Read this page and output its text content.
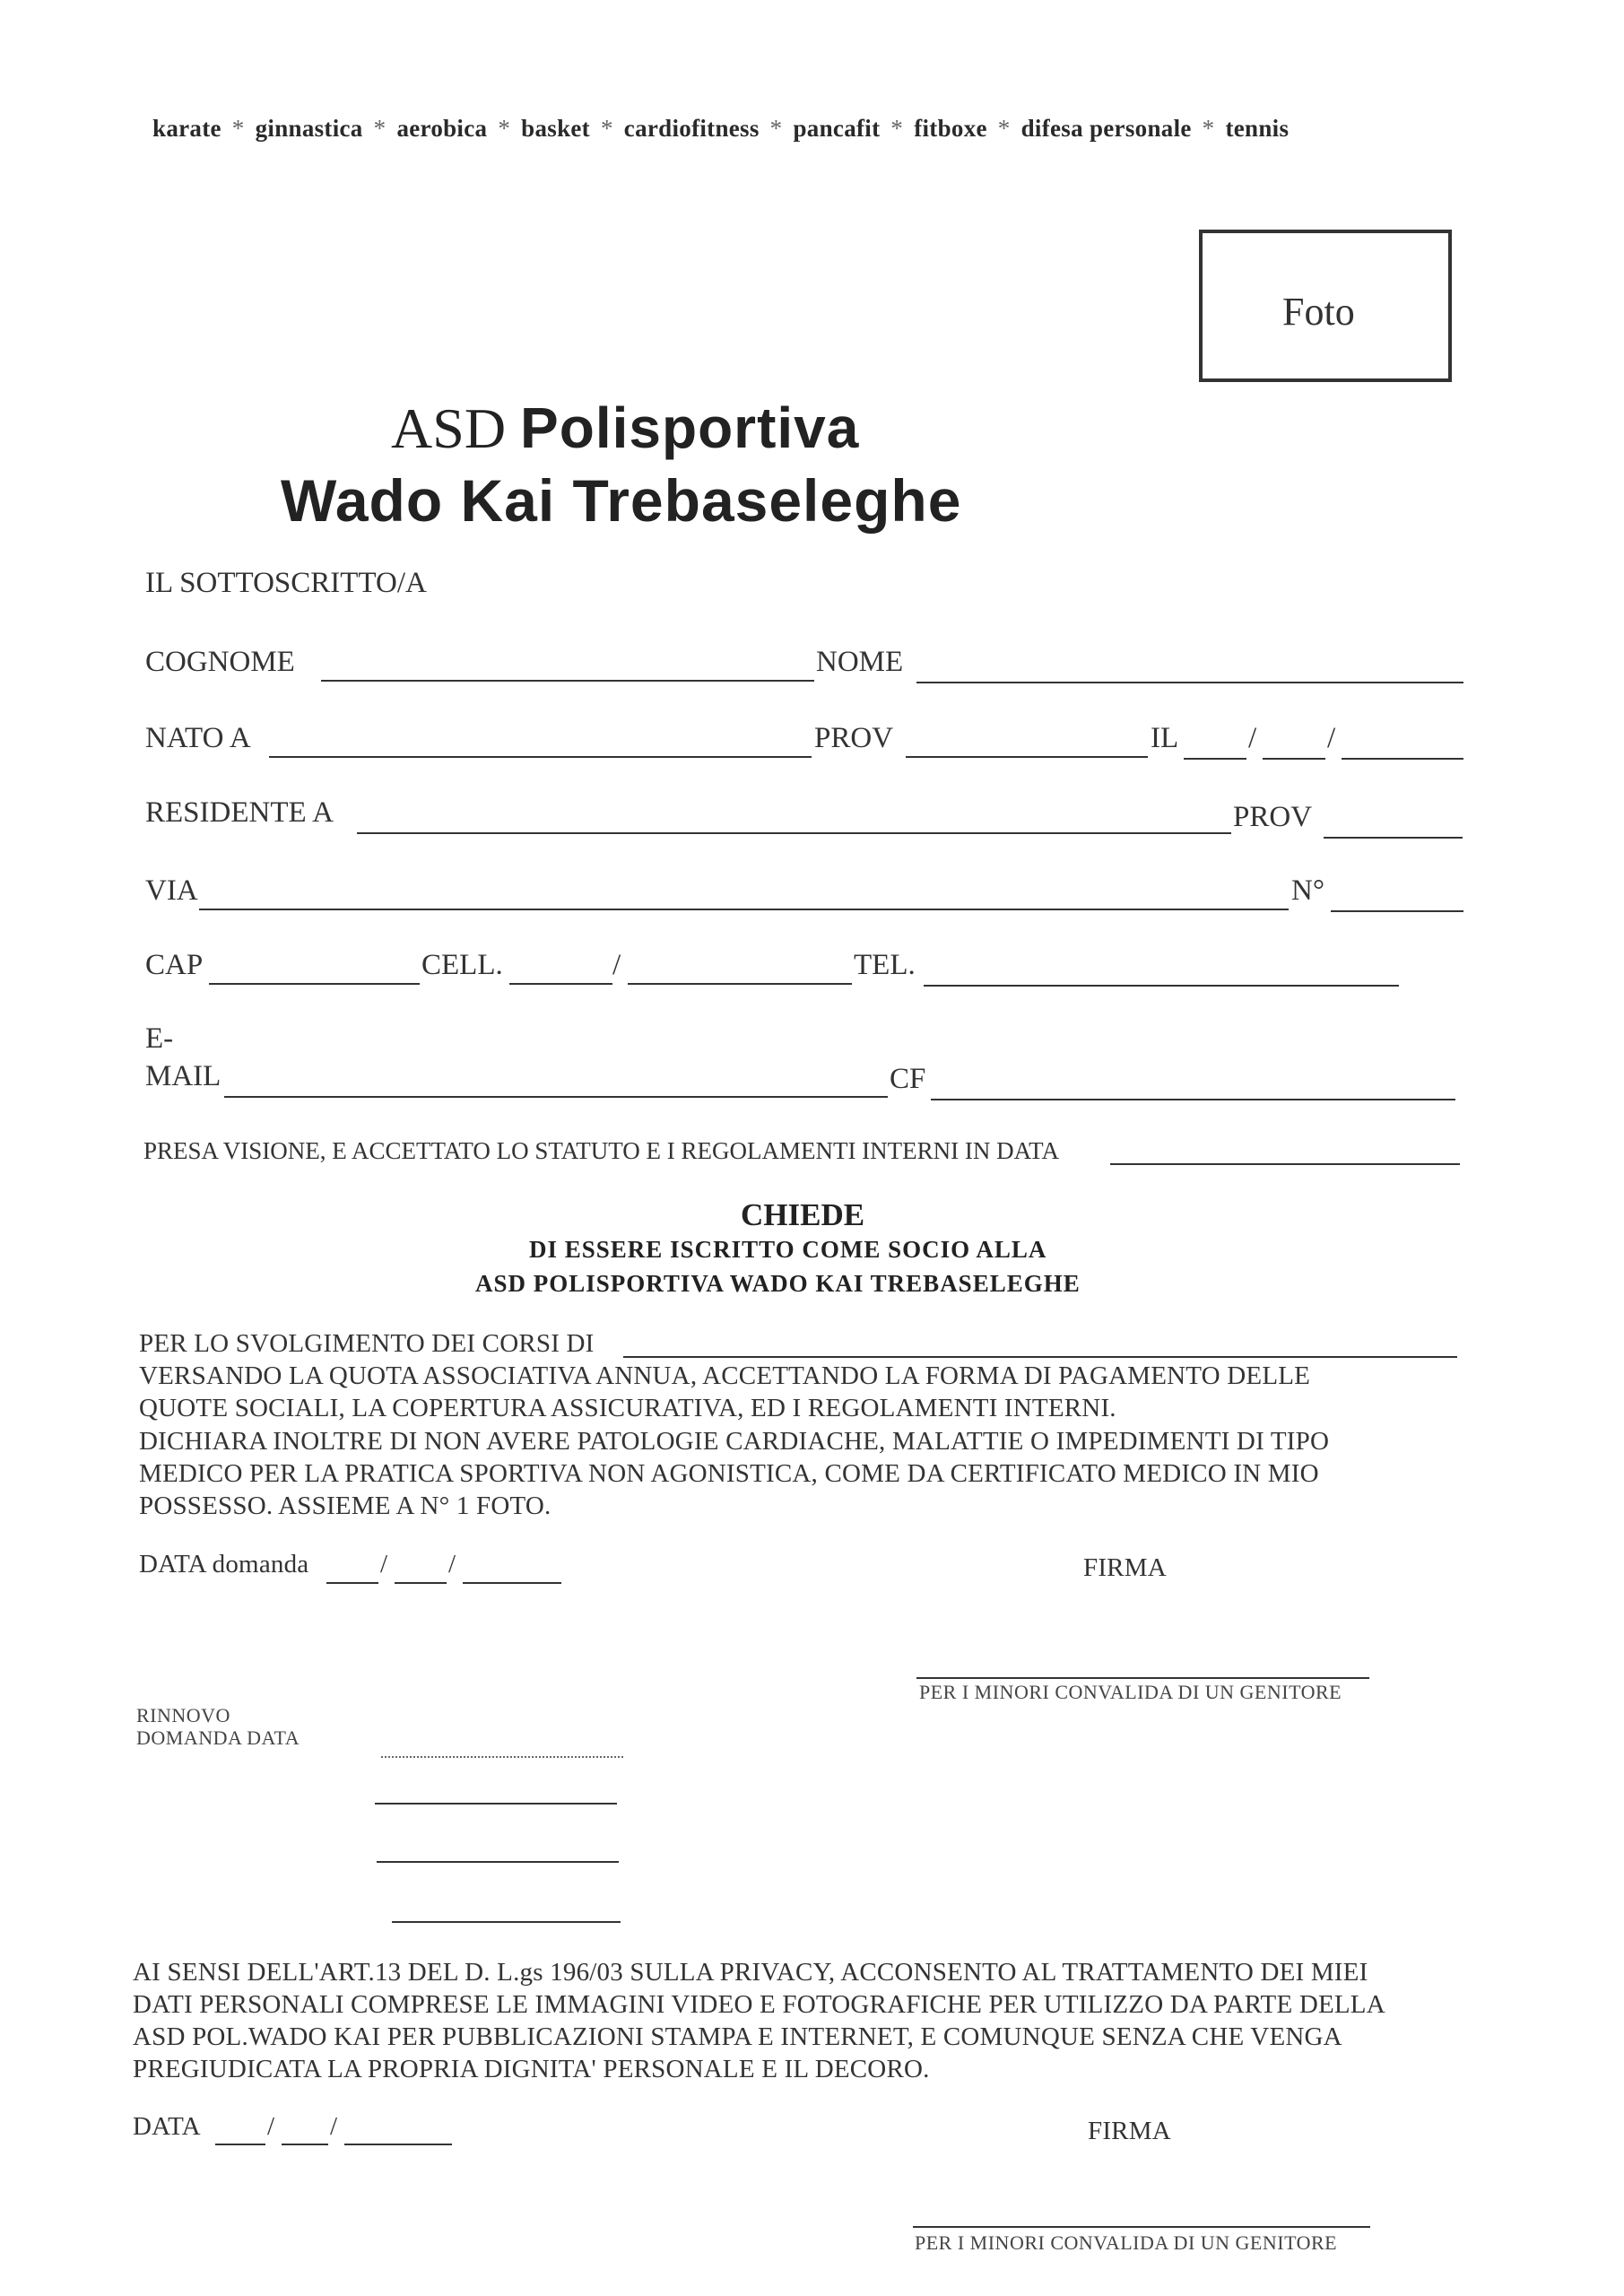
karate * ginnastica * aerobica * basket * cardiofitness * pancafit * fitboxe * difesa personale * tennis
Foto
ASD Polisportiva
Wado Kai Trebaseleghe
IL SOTTOSCRITTO/A
COGNOME	NOME
NATO A	PROV	IL / /
RESIDENTE A	PROV
VIA	N°
CAP	CELL.	/	TEL.
E-
MAIL	CF
PRESA VISIONE, E ACCETTATO LO STATUTO E I REGOLAMENTI INTERNI IN DATA
CHIEDE
DI ESSERE ISCRITTO COME SOCIO ALLA
ASD POLISPORTIVA WADO KAI TREBASELEGHE
PER LO SVOLGIMENTO DEI CORSI DI
VERSANDO LA QUOTA ASSOCIATIVA ANNUA, ACCETTANDO LA FORMA DI PAGAMENTO DELLE
QUOTE SOCIALI, LA COPERTURA ASSICURATIVA, ED I REGOLAMENTI INTERNI.
DICHIARA INOLTRE DI NON AVERE PATOLOGIE CARDIACHE, MALATTIE O IMPEDIMENTI DI TIPO
MEDICO PER LA PRATICA SPORTIVA NON AGONISTICA, COME DA CERTIFICATO MEDICO IN MIO
POSSESSO. ASSIEME A N° 1 FOTO.
DATA domanda	/ /	FIRMA
PER I MINORI CONVALIDA DI UN GENITORE
RINNOVO
DOMANDA DATA
AI SENSI DELL'ART.13 DEL D. L.gs 196/03 SULLA PRIVACY, ACCONSENTO AL TRATTAMENTO DEI MIEI
DATI PERSONALI COMPRESE LE IMMAGINI VIDEO E FOTOGRAFICHE PER UTILIZZO DA PARTE DELLA
ASD POL.WADO KAI PER PUBBLICAZIONI STAMPA E INTERNET, E COMUNQUE SENZA CHE VENGA
PREGIUDICATA LA PROPRIA DIGNITA' PERSONALE E IL DECORO.
DATA	/ /	FIRMA
PER I MINORI CONVALIDA DI UN GENITORE
